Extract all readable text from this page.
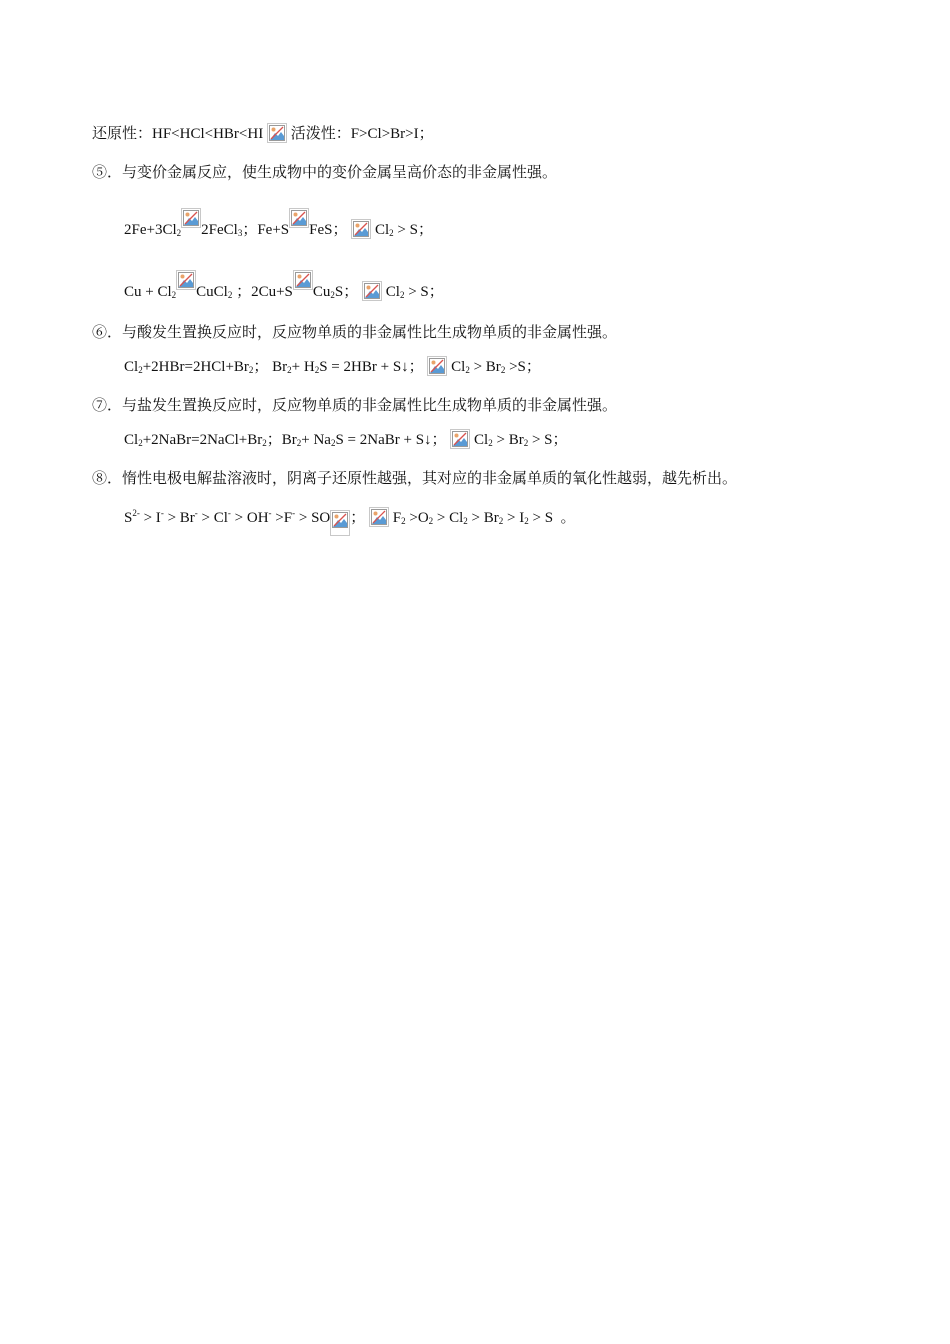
还原性：HF<HCl<HBr<HI
活泼性：F>Cl>Br>I；
⑤．与变价金属反应，使生成物中的变价金属呈高价态的非金属性强。
$2Fe+3Cl_2$ 2FeCl$_3$；Fe+S FeS；
$Cl_2 > S$；
$Cu + Cl_2$ CuCl$_2$ ；2Cu+S $Cu_2S$；
$Cl_2 > S$；
⑥．与酸发生置换反应时，反应物单质的非金属性比生成物单质的非金属性强。
$Cl_2+2HBr=2HCl+Br_2$； $Br_2+ H_2S = 2HBr$ + S↓；
$Cl_2 > Br_2 >S$；
⑦．与盐发生置换反应时，反应物单质的非金属性比生成物单质的非金属性强。
$Cl_2+2NaBr=2NaCl+Br_2$；$Br_2+ Na_2S$ = 2NaBr + S↓；
$Cl_2 > Br_2 > S$；
⑧．惰性电极电解盐溶液时，阴离子还原性越强，其对应的非金属单质的氧化性越弱，越先析出。
$S^{2-} > I^- > Br^- > Cl^- > OH^- >F^-$ > SO ；
$F_2 >O_2 > Cl_2 > Br_2 > I_2 > S$  。
